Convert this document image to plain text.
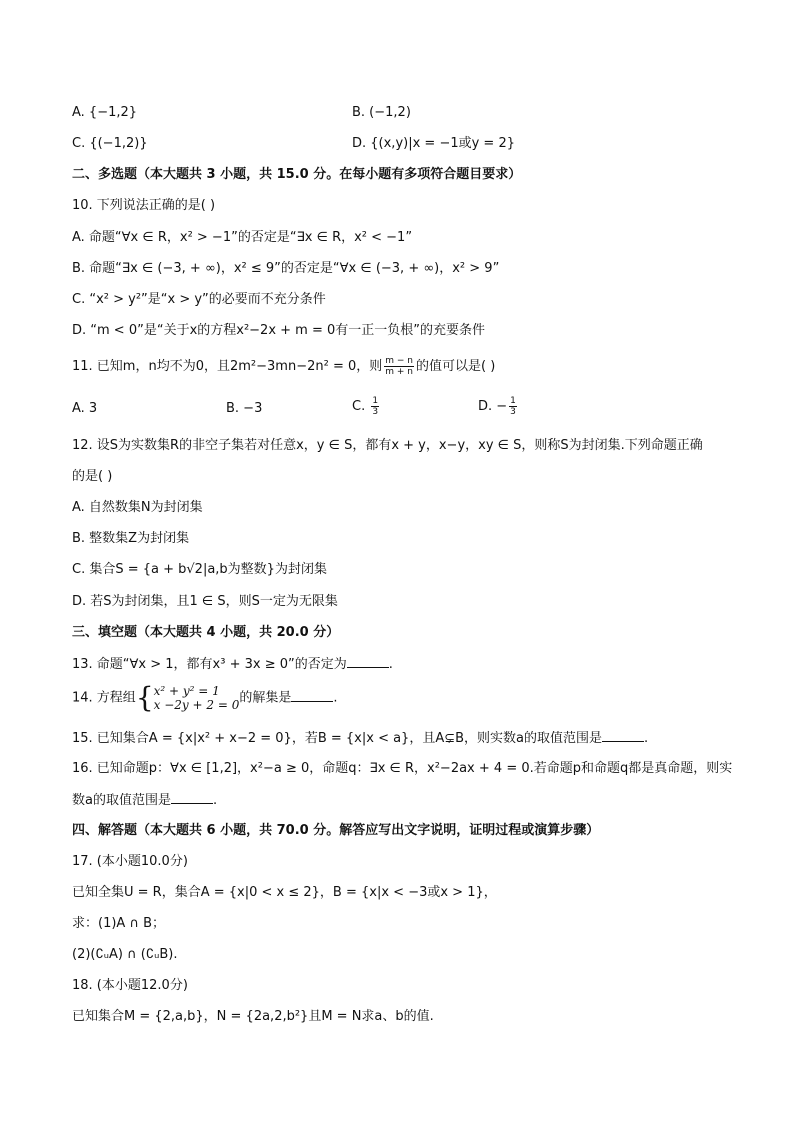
A. {−1,2}	B. (−1,2)
C. {(−1,2)}	D. {(x,y)|x = −1或y = 2}
二、多选题（本大题共 3 小题，共 15.0 分。在每小题有多项符合题目要求）
10. 下列说法正确的是( )
A. 命题“∀x ∈ R，x² > −1”的否定是“∃x ∈ R，x² < −1”
B. 命题“∃x ∈ (−3, + ∞)，x² ≤ 9”的否定是“∀x ∈ (−3, + ∞)，x² > 9”
C. “x² > y²”是“x > y”的必要而不充分条件
D. “m < 0”是“关于x的方程x²−2x + m = 0有一正一负根”的充要条件
11. 已知m，n均不为0，且2m²−3mn−2n² = 0，则 $\frac{m - n}{m + n}$ 的值可以是( )
A. 3	B. −3	C. $\frac{1}{3}$	D. − $\frac{1}{3}$
12. 设S为实数集R的非空子集若对任意x，y ∈ S，都有x + y，x−y，xy ∈ S，则称S为封闭集.下列命题正确
的是( )
A. 自然数集N为封闭集
B. 整数集Z为封闭集
C. 集合S = {a + b√2|a,b为整数}为封闭集
D. 若S为封闭集，且1 ∈ S，则S一定为无限集
三、填空题（本大题共 4 小题，共 20.0 分）
13. 命题“∀x > 1，都有x³ + 3x ≥ 0”的否定为	.
14. 方程组{ x² + y² = 1
x −2y + 2 = 0 的解集是	.
15. 已知集合A = {x|x² + x−2 = 0}，若B = {x|x < a}，且A⊊B，则实数a的取值范围是	.
16. 已知命题p：∀x ∈ [1,2]，x²−a ≥ 0，命题q：∃x ∈ R，x²−2ax + 4 = 0.若命题p和命题q都是真命题，则实
数a的取值范围是	.
四、解答题（本大题共 6 小题，共 70.0 分。解答应写出文字说明，证明过程或演算步骤）
17. (本小题10.0分)
已知全集U = R，集合A = {x|0 < x ≤ 2}，B = {x|x < −3或x > 1}，
求：(1)A ∩ B；
(2)(∁ᵤA) ∩ (∁ᵤB).
18. (本小题12.0分)
已知集合M = {2,a,b}，N = {2a,2,b²}且M = N求a、b的值.
